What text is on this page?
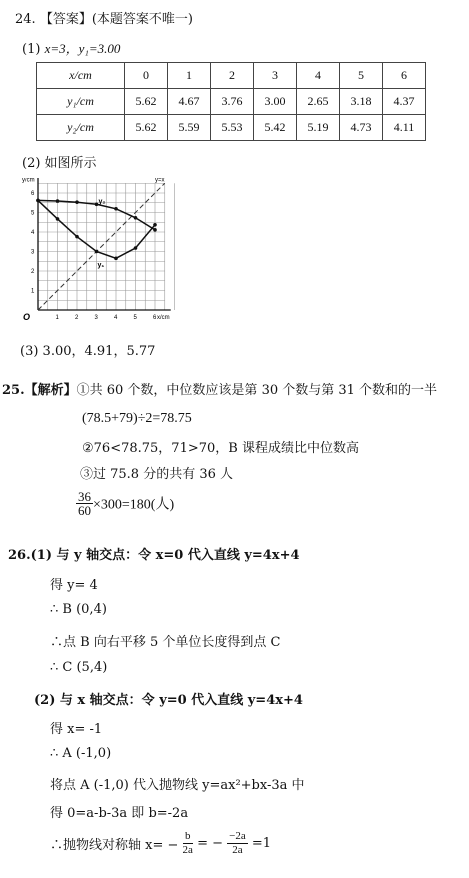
24. 【答案】(本题答案不唯一)
(1) x=3，y₁=3.00
x/cm	0	1	2	3	4	5	6
y₁/cm	5.62	4.67	3.76	3.00	2.65	3.18	4.37
y₂/cm	5.62	5.59	5.53	5.42	5.19	4.73	4.11
(2) 如图所示
1	2	3	4	5	6
1
2
3
4
5
6
y/cm
x/cm
O
y=x
y₁
y₂
(3) 3.00，4.91，5.77
25.【解析】①共 60 个数，中位数应该是第 30 个数与第 31 个数和的一半
(78.5+79)÷2=78.75
②76<78.75，71>70，B 课程成绩比中位数高
③过 75.8 分的共有 36 人
$\frac{36}{60} \times 300=180$(人)
26.(1) 与 y 轴交点：令 x=0 代入直线 y=4x+4
得 y= 4
∴ B (0,4)
∴点 B 向右平移 5 个单位长度得到点 C
∴ C (5,4)
(2) 与 x 轴交点：令 y=0 代入直线 y=4x+4
得 x= -1
∴ A (-1,0)
将点 A (-1,0) 代入抛物线 y=ax²+bx-3a 中
得 0=a-b-3a 即 b=-2a
∴抛物线对称轴 $x= - \frac{b}{2a}$ = − $\frac{-2a}{2a} =1$
